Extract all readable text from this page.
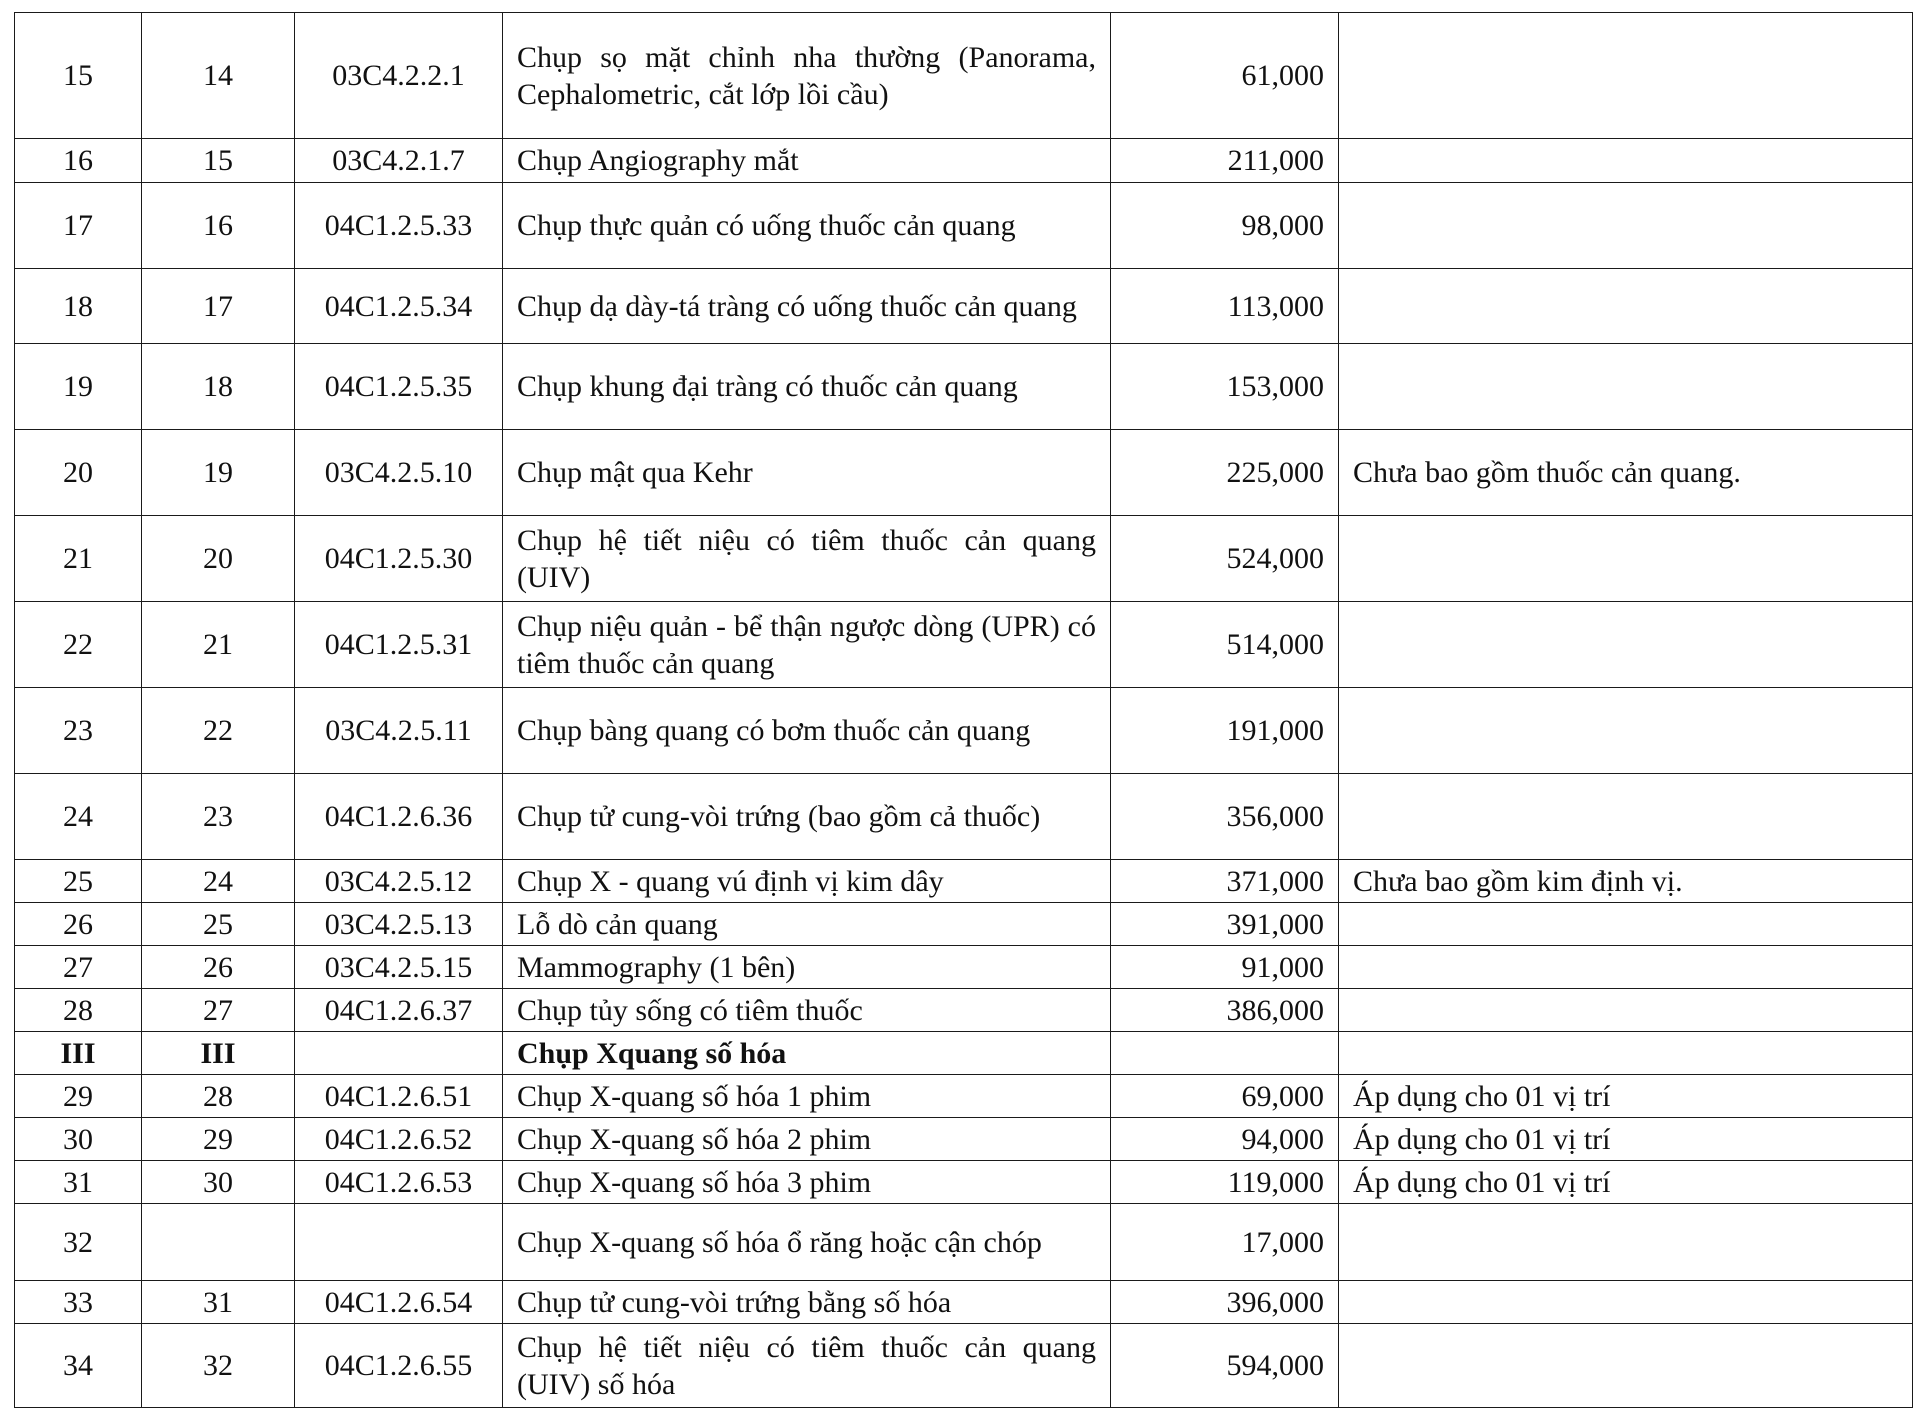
15	14	03C4.2.2.1	Chụp sọ mặt chỉnh nha thường (Panorama, Cephalometric, cắt lớp lồi cầu)	61,000	
16	15	03C4.2.1.7	Chụp Angiography mắt	211,000	
17	16	04C1.2.5.33	Chụp thực quản có uống thuốc cản quang	98,000	
18	17	04C1.2.5.34	Chụp dạ dày-tá tràng có uống thuốc cản quang	113,000	
19	18	04C1.2.5.35	Chụp khung đại tràng có thuốc cản quang	153,000	
20	19	03C4.2.5.10	Chụp mật qua Kehr	225,000	Chưa bao gồm thuốc cản quang.
21	20	04C1.2.5.30	Chụp hệ tiết niệu có tiêm thuốc cản quang (UIV)	524,000	
22	21	04C1.2.5.31	Chụp niệu quản - bể thận ngược dòng (UPR) có tiêm thuốc cản quang	514,000	
23	22	03C4.2.5.11	Chụp bàng quang có bơm thuốc cản quang	191,000	
24	23	04C1.2.6.36	Chụp tử cung-vòi trứng (bao gồm cả thuốc)	356,000	
25	24	03C4.2.5.12	Chụp X - quang vú định vị kim dây	371,000	Chưa bao gồm kim định vị.
26	25	03C4.2.5.13	Lỗ dò cản quang	391,000	
27	26	03C4.2.5.15	Mammography (1 bên)	91,000	
28	27	04C1.2.6.37	Chụp tủy sống có tiêm thuốc	386,000	
III	III		Chụp Xquang số hóa		
29	28	04C1.2.6.51	Chụp X-quang số hóa 1 phim	69,000	Áp dụng cho 01 vị trí
30	29	04C1.2.6.52	Chụp X-quang số hóa 2 phim	94,000	Áp dụng cho 01 vị trí
31	30	04C1.2.6.53	Chụp X-quang số hóa 3 phim	119,000	Áp dụng cho 01 vị trí
32			Chụp X-quang số hóa ổ răng hoặc cận chóp	17,000	
33	31	04C1.2.6.54	Chụp tử cung-vòi trứng bằng số hóa	396,000	
34	32	04C1.2.6.55	Chụp hệ tiết niệu có tiêm thuốc cản quang (UIV) số hóa	594,000	
